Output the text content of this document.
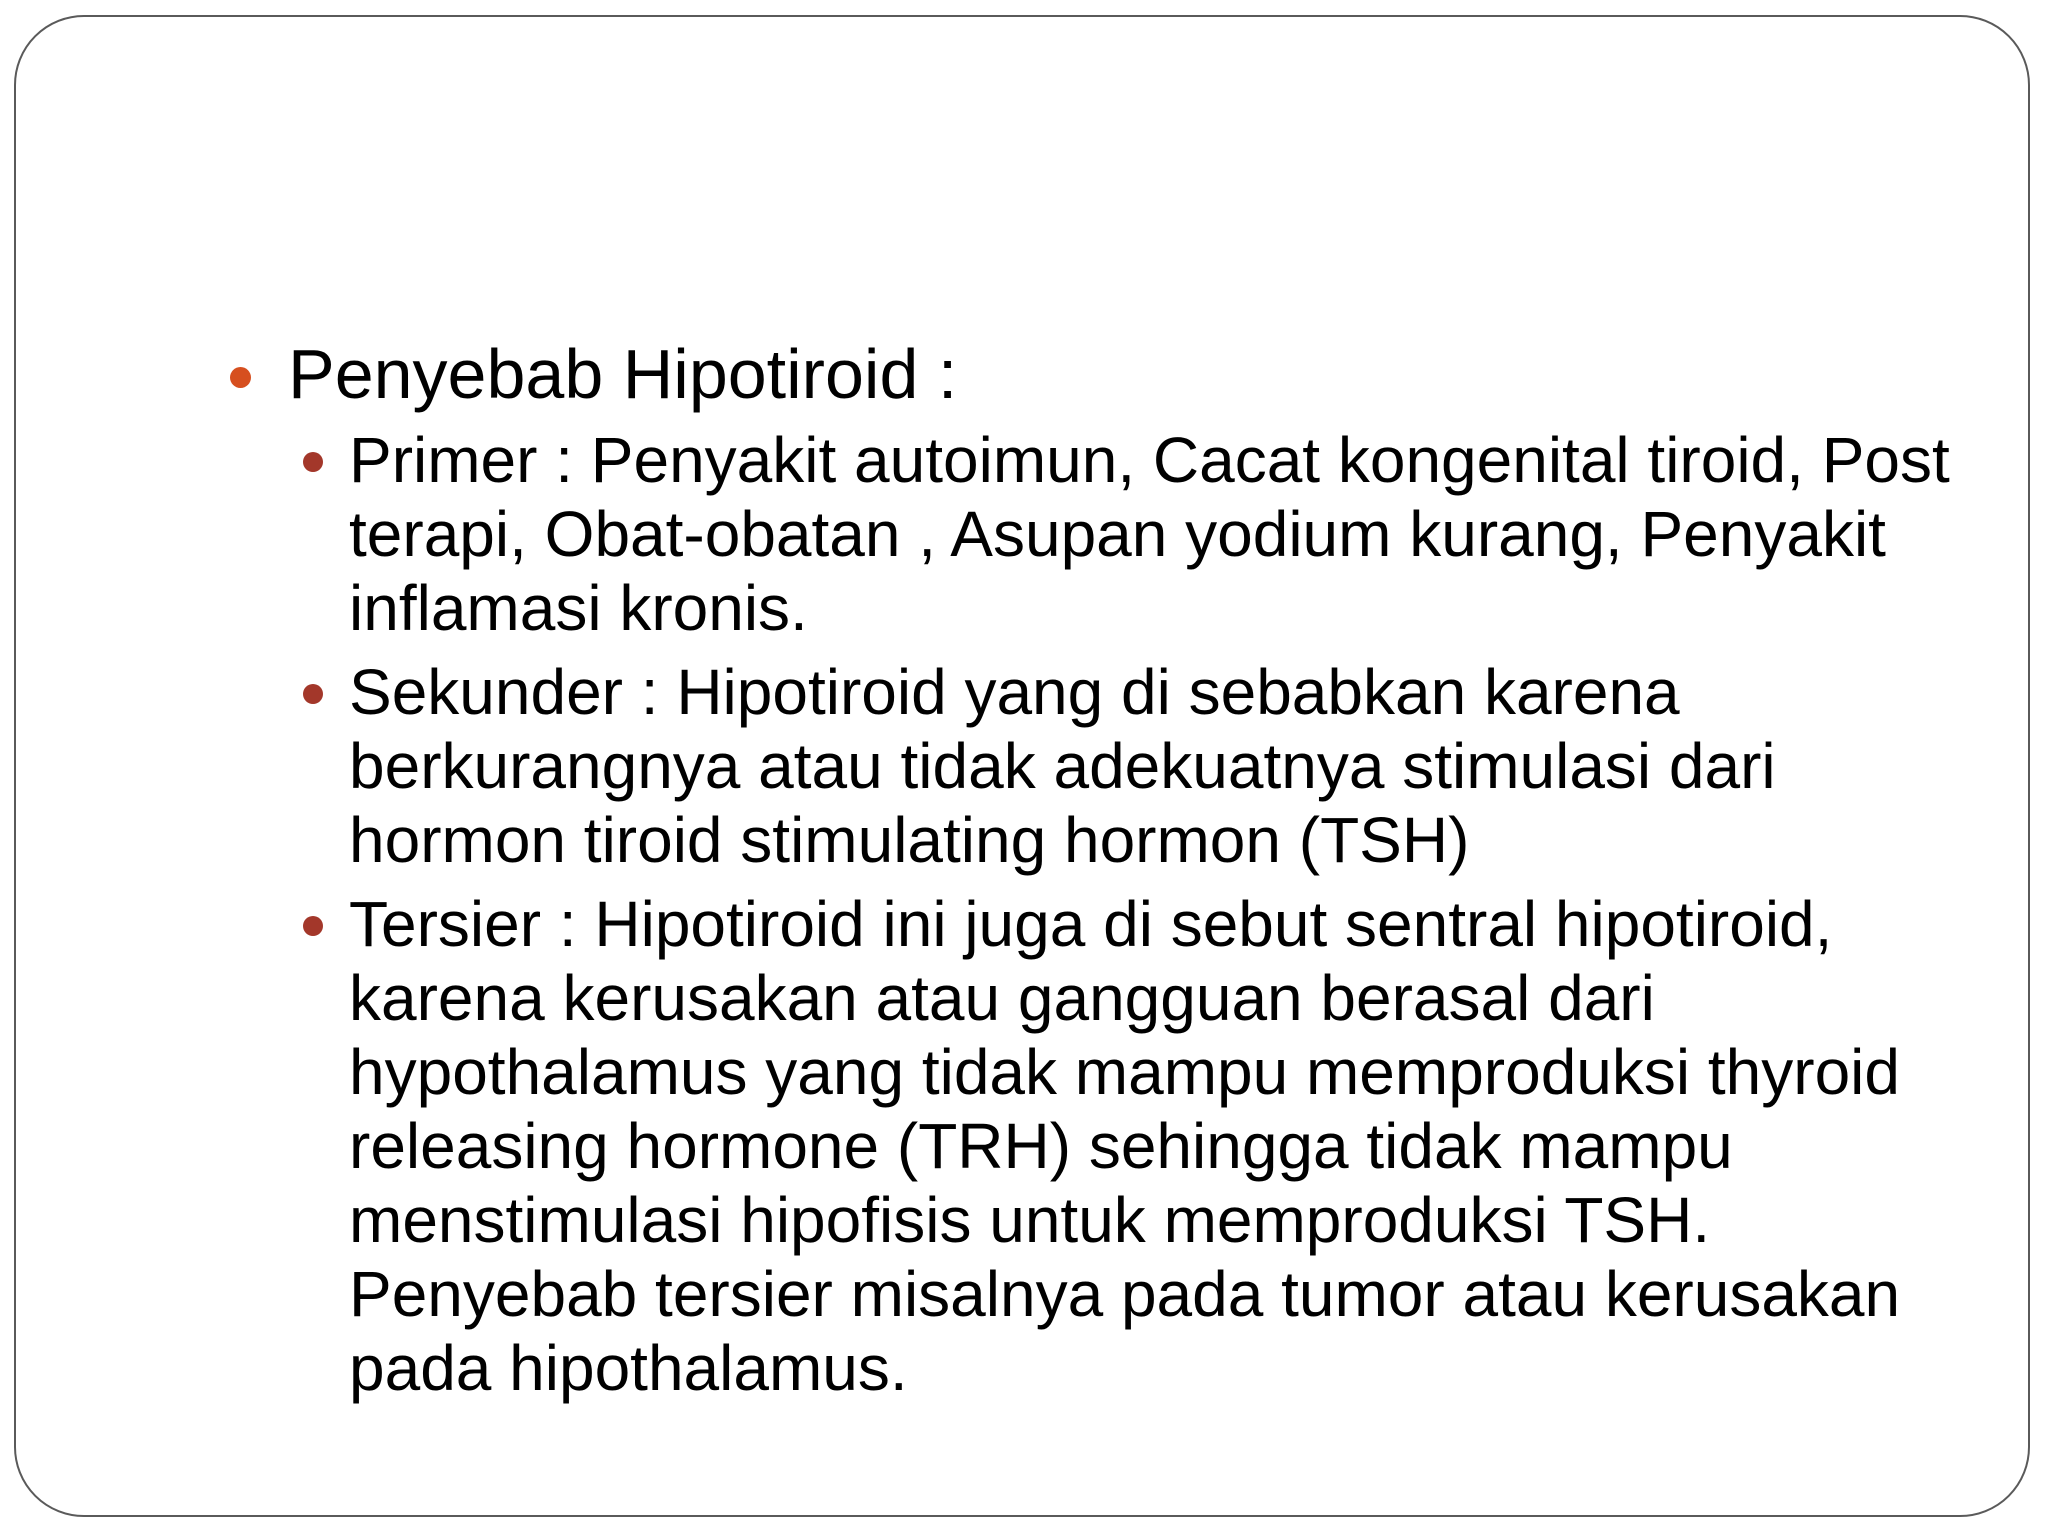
Penyebab Hipotiroid :

Primer : Penyakit autoimun, Cacat kongenital tiroid, Post terapi, Obat-obatan , Asupan yodium kurang, Penyakit inflamasi kronis.
Sekunder : Hipotiroid yang di sebabkan karena berkurangnya atau tidak adekuatnya stimulasi dari hormon tiroid stimulating hormon (TSH)
Tersier : Hipotiroid ini juga di sebut sentral hipotiroid, karena kerusakan atau gangguan berasal dari hypothalamus yang tidak mampu memproduksi thyroid releasing hormone (TRH) sehingga tidak mampu menstimulasi hipofisis untuk memproduksi TSH. Penyebab tersier misalnya pada tumor atau kerusakan pada hipothalamus.
